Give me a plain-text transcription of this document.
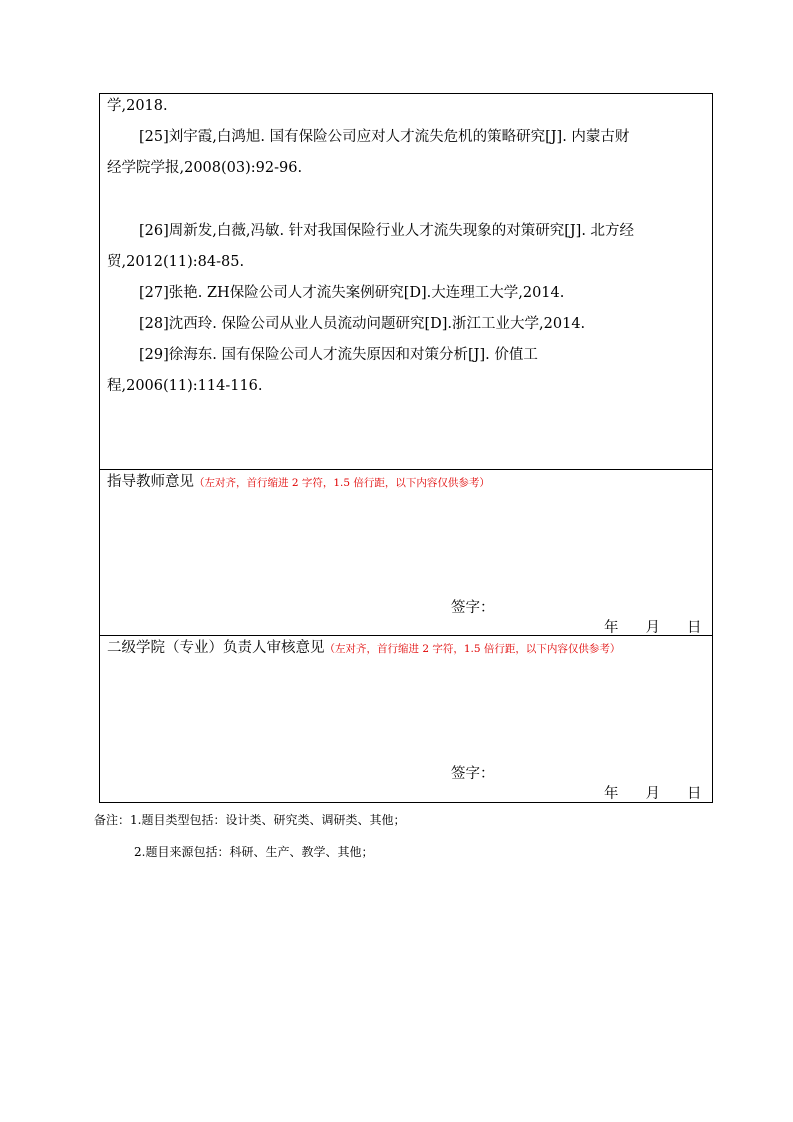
学,2018.
[25]刘宇霞,白鸿旭. 国有保险公司应对人才流失危机的策略研究[J]. 内蒙古财
经学院学报,2008(03):92-96.
[26]周新发,白薇,冯敏. 针对我国保险行业人才流失现象的对策研究[J]. 北方经
贸,2012(11):84-85.
[27]张艳. ZH保险公司人才流失案例研究[D].大连理工大学,2014.
[28]沈西玲. 保险公司从业人员流动问题研究[D].浙江工业大学,2014.
[29]徐海东. 国有保险公司人才流失原因和对策分析[J]. 价值工
程,2006(11):114-116.
指导教师意见（左对齐，首行缩进 2 字符，1.5 倍行距，以下内容仅供参考）
签字：
年 月 日
二级学院（专业）负责人审核意见（左对齐，首行缩进 2 字符，1.5 倍行距，以下内容仅供参考）
签字：
年 月 日
备注：1.题目类型包括：设计类、研究类、调研类、其他；
2.题目来源包括：科研、生产、教学、其他；
